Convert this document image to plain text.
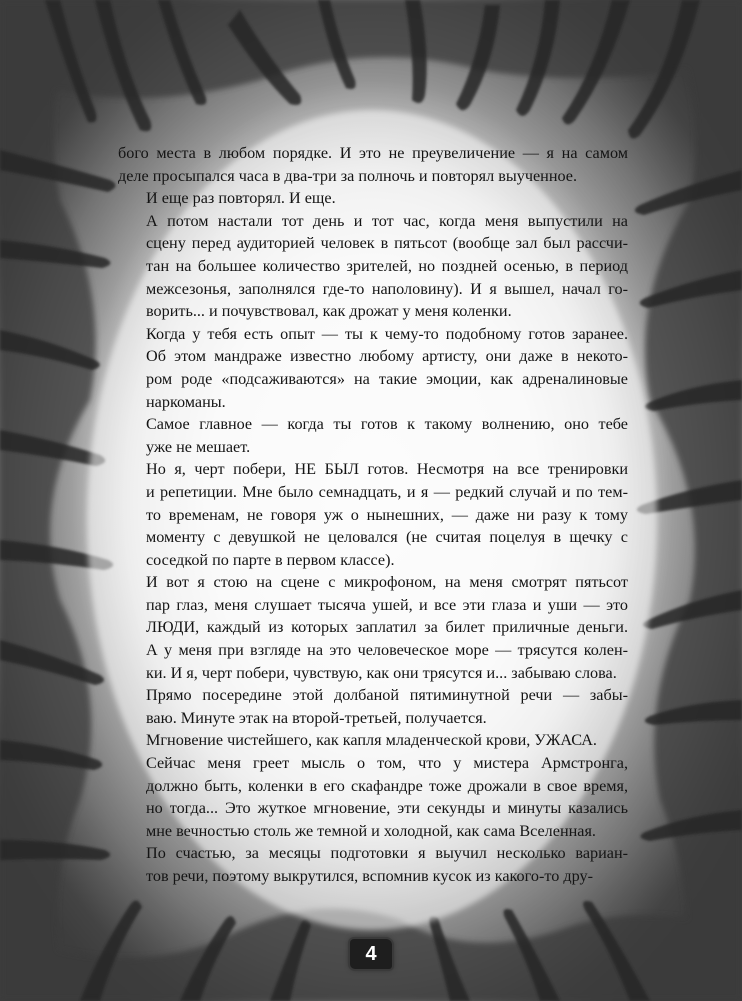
бого места в любом порядке. И это не преувеличение — я на самом
деле просыпался часа в два-три за полночь и повторял выученное.

И еще раз повторял. И еще.

А потом настали тот день и тот час, когда меня выпустили на
сцену перед аудиторией человек в пятьсот (вообще зал был рассчи-
тан на большее количество зрителей, но поздней осенью, в период
межсезонья, заполнялся где-то наполовину). И я вышел, начал го-
ворить... и почувствовал, как дрожат у меня коленки.

Когда у тебя есть опыт — ты к чему-то подобному готов заранее.
Об этом мандраже известно любому артисту, они даже в некото-
ром роде «подсаживаются» на такие эмоции, как адреналиновые
наркоманы.

Самое главное — когда ты готов к такому волнению, оно тебе
уже не мешает.

Но я, черт побери, НЕ БЫЛ готов. Несмотря на все тренировки
и репетиции. Мне было семнадцать, и я — редкий случай и по тем-
то временам, не говоря уж о нынешних, — даже ни разу к тому
моменту с девушкой не целовался (не считая поцелуя в щечку с
соседкой по парте в первом классе).

И вот я стою на сцене с микрофоном, на меня смотрят пятьсот
пар глаз, меня слушает тысяча ушей, и все эти глаза и уши — это
ЛЮДИ, каждый из которых заплатил за билет приличные деньги.
А у меня при взгляде на это человеческое море — трясутся колен-
ки. И я, черт побери, чувствую, как они трясутся и... забываю слова.

Прямо посередине этой долбаной пятиминутной речи — забы-
ваю. Минуте этак на второй-третьей, получается.

Мгновение чистейшего, как капля младенческой крови, УЖАСА.

Сейчас меня греет мысль о том, что у мистера Армстронга,
должно быть, коленки в его скафандре тоже дрожали в свое время,
но тогда... Это жуткое мгновение, эти секунды и минуты казались
мне вечностью столь же темной и холодной, как сама Вселенная.

По счастью, за месяцы подготовки я выучил несколько вариан-
тов речи, поэтому выкрутился, вспомнив кусок из какого-то дру-

4
